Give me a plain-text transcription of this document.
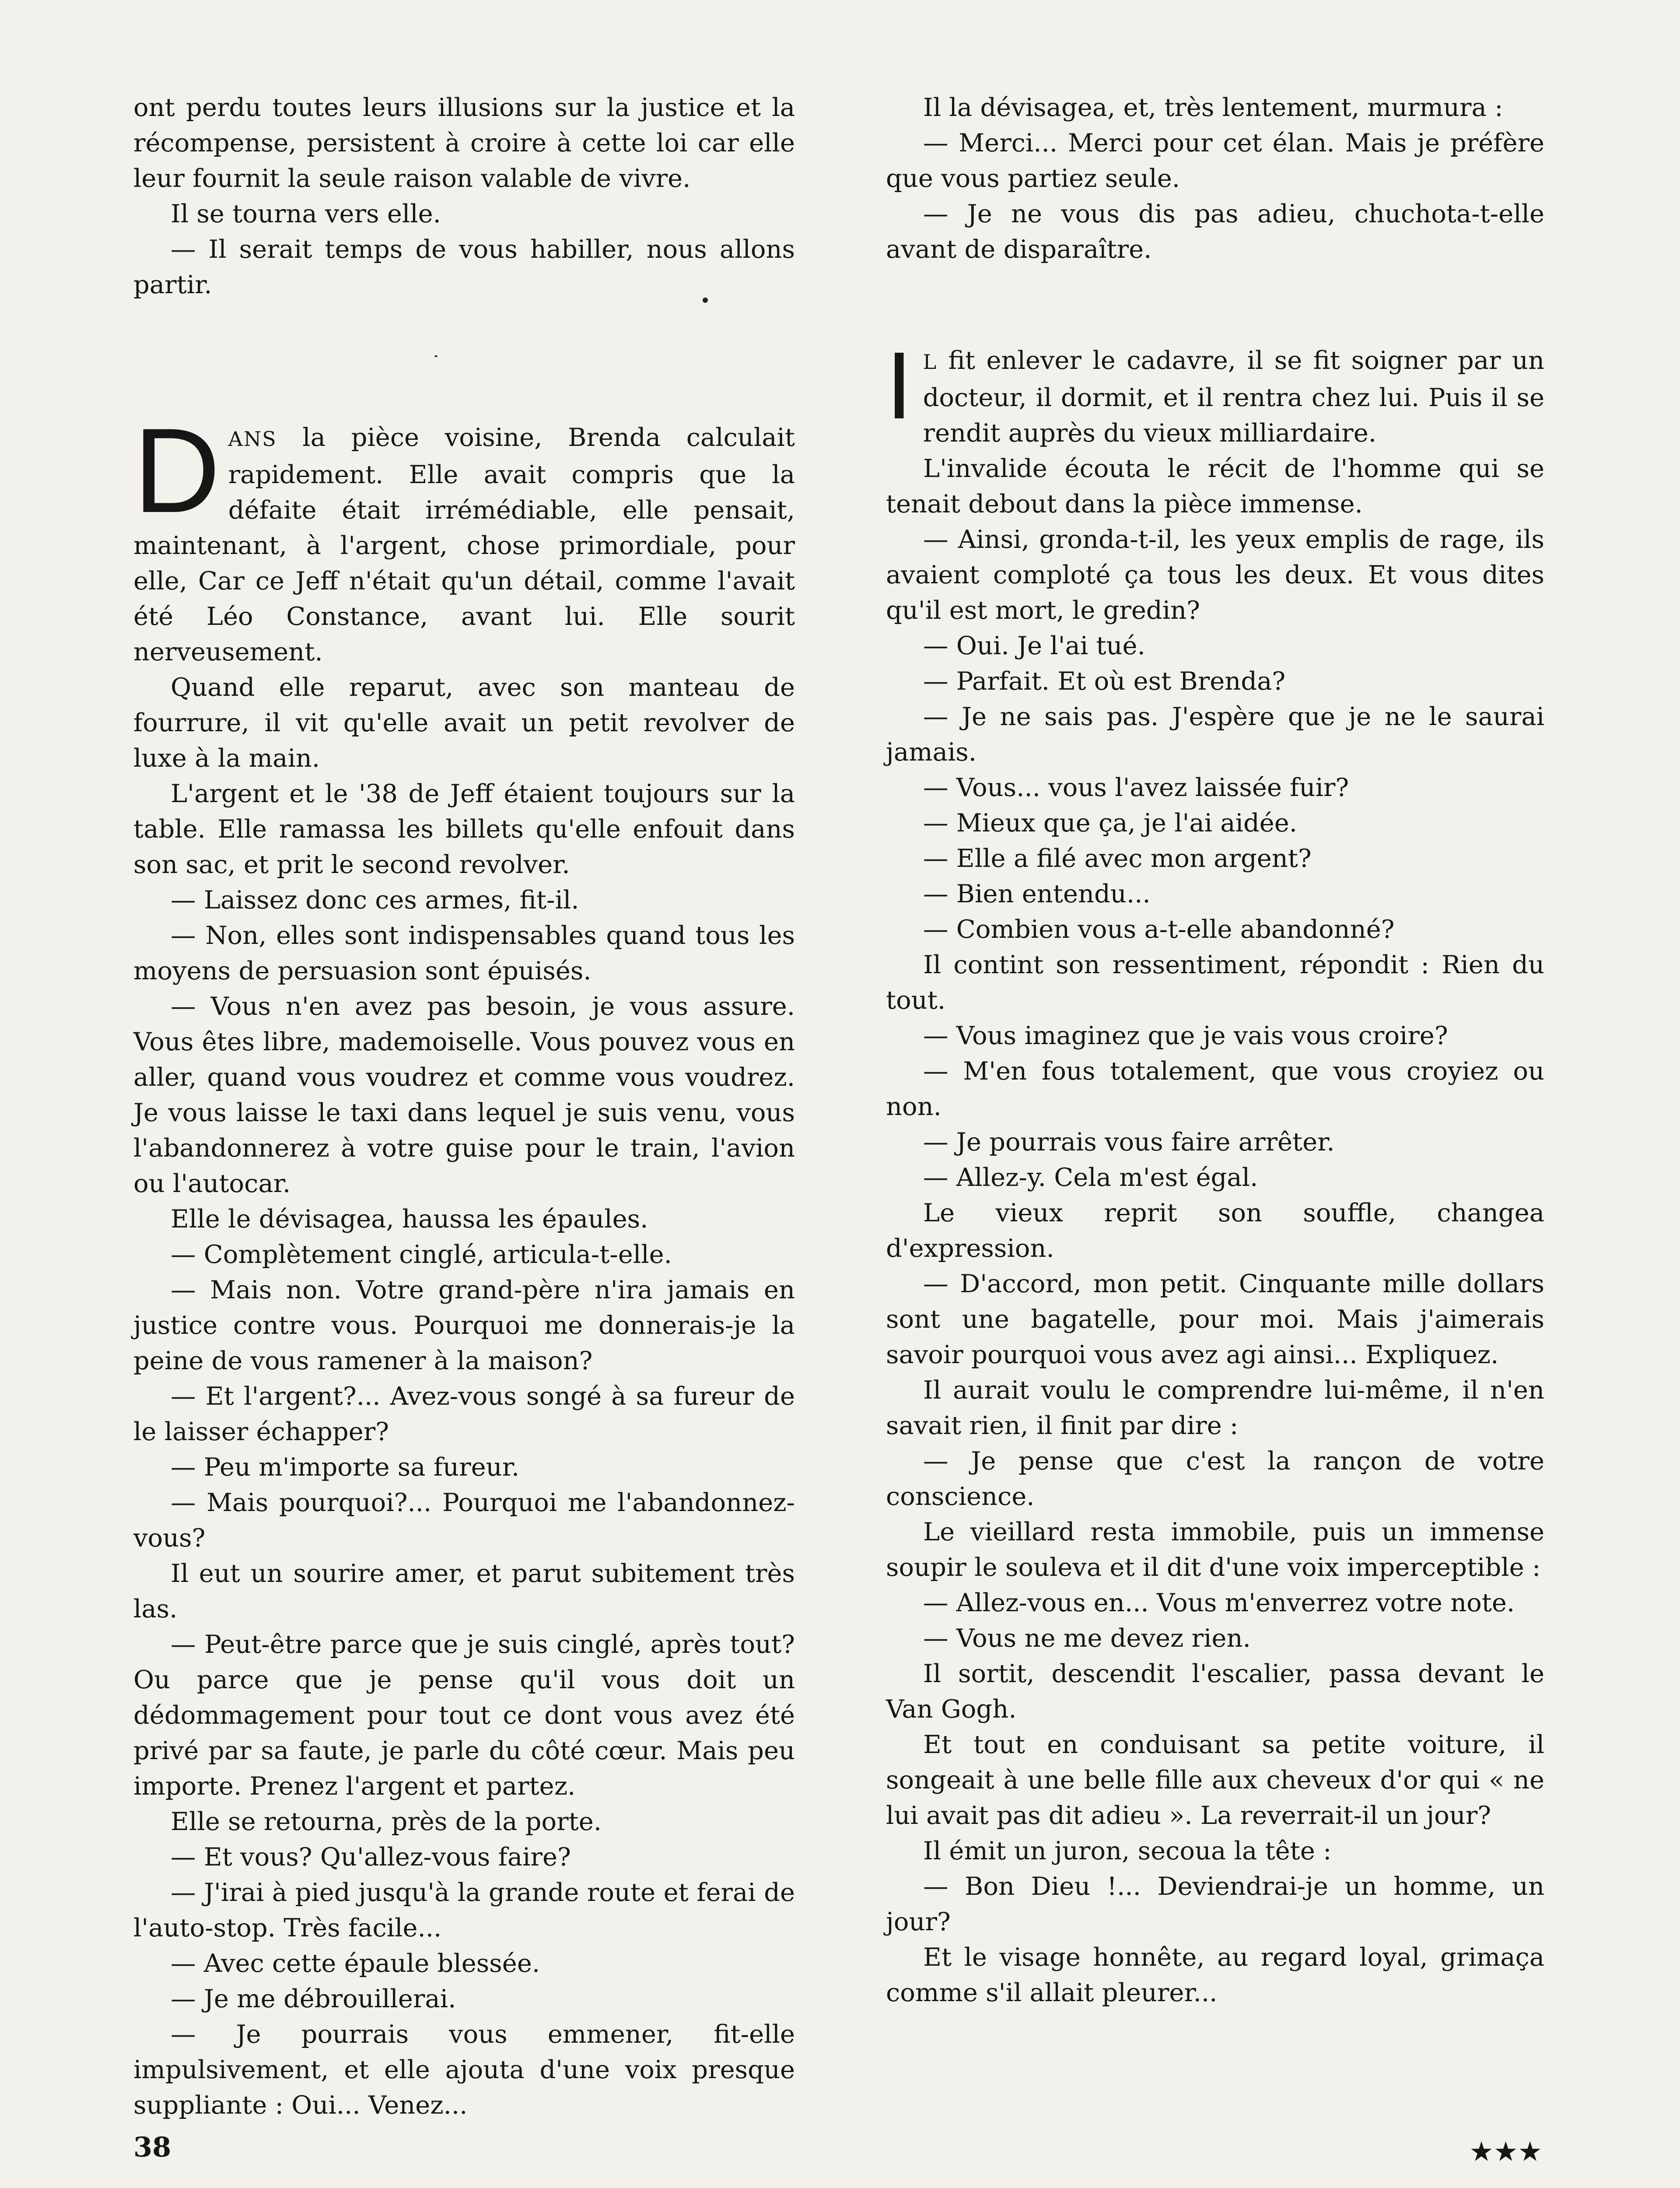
ont perdu toutes leurs illusions sur la justice et la récompense, persistent à croire à cette loi car elle leur fournit la seule raison valable de vivre.

Il se tourna vers elle.

— Il serait temps de vous habiller, nous allons partir.

DANS la pièce voisine, Brenda calculait rapidement. Elle avait compris que la défaite était irrémédiable, elle pensait, maintenant, à l'argent, chose primordiale, pour elle, Car ce Jeff n'était qu'un détail, comme l'avait été Léo Constance, avant lui. Elle sourit nerveusement.

Quand elle reparut, avec son manteau de fourrure, il vit qu'elle avait un petit revolver de luxe à la main.

L'argent et le '38 de Jeff étaient toujours sur la table. Elle ramassa les billets qu'elle enfouit dans son sac, et prit le second revolver.

— Laissez donc ces armes, fit-il.

— Non, elles sont indispensables quand tous les moyens de persuasion sont épuisés.

— Vous n'en avez pas besoin, je vous assure. Vous êtes libre, mademoiselle. Vous pouvez vous en aller, quand vous voudrez et comme vous voudrez. Je vous laisse le taxi dans lequel je suis venu, vous l'abandonnerez à votre guise pour le train, l'avion ou l'autocar.

Elle le dévisagea, haussa les épaules.

— Complètement cinglé, articula-t-elle.

— Mais non. Votre grand-père n'ira jamais en justice contre vous. Pourquoi me donnerais-je la peine de vous ramener à la maison?

— Et l'argent?... Avez-vous songé à sa fureur de le laisser échapper?

— Peu m'importe sa fureur.

— Mais pourquoi?... Pourquoi me l'abandonnez-vous?

Il eut un sourire amer, et parut subitement très las.

— Peut-être parce que je suis cinglé, après tout? Ou parce que je pense qu'il vous doit un dédommagement pour tout ce dont vous avez été privé par sa faute, je parle du côté cœur. Mais peu importe. Prenez l'argent et partez.

Elle se retourna, près de la porte.

— Et vous? Qu'allez-vous faire?

— J'irai à pied jusqu'à la grande route et ferai de l'auto-stop. Très facile...

— Avec cette épaule blessée.

— Je me débrouillerai.

— Je pourrais vous emmener, fit-elle impulsivement, et elle ajouta d'une voix presque suppliante : Oui... Venez...

Il la dévisagea, et, très lentement, murmura :

— Merci... Merci pour cet élan. Mais je préfère que vous partiez seule.

— Je ne vous dis pas adieu, chuchota-t-elle avant de disparaître.

I L fit enlever le cadavre, il se fit soigner par un docteur, il dormit, et il rentra chez lui. Puis il se rendit auprès du vieux milliardaire.

L'invalide écouta le récit de l'homme qui se tenait debout dans la pièce immense.

— Ainsi, gronda-t-il, les yeux emplis de rage, ils avaient comploté ça tous les deux. Et vous dites qu'il est mort, le gredin?

— Oui. Je l'ai tué.

— Parfait. Et où est Brenda?

— Je ne sais pas. J'espère que je ne le saurai jamais.

— Vous... vous l'avez laissée fuir?

— Mieux que ça, je l'ai aidée.

— Elle a filé avec mon argent?

— Bien entendu...

— Combien vous a-t-elle abandonné?

Il contint son ressentiment, répondit : Rien du tout.

— Vous imaginez que je vais vous croire?

— M'en fous totalement, que vous croyiez ou non.

— Je pourrais vous faire arrêter.

— Allez-y. Cela m'est égal.

Le vieux reprit son souffle, changea d'expression.

— D'accord, mon petit. Cinquante mille dollars sont une bagatelle, pour moi. Mais j'aimerais savoir pourquoi vous avez agi ainsi... Expliquez.

Il aurait voulu le comprendre lui-même, il n'en savait rien, il finit par dire :

— Je pense que c'est la rançon de votre conscience.

Le vieillard resta immobile, puis un immense soupir le souleva et il dit d'une voix imperceptible :

— Allez-vous en... Vous m'enverrez votre note.

— Vous ne me devez rien.

Il sortit, descendit l'escalier, passa devant le Van Gogh.

Et tout en conduisant sa petite voiture, il songeait à une belle fille aux cheveux d'or qui « ne lui avait pas dit adieu ». La reverrait-il un jour?

Il émit un juron, secoua la tête :

— Bon Dieu !... Deviendrai-je un homme, un jour?

Et le visage honnête, au regard loyal, grimaça comme s'il allait pleurer...

★★★
38
